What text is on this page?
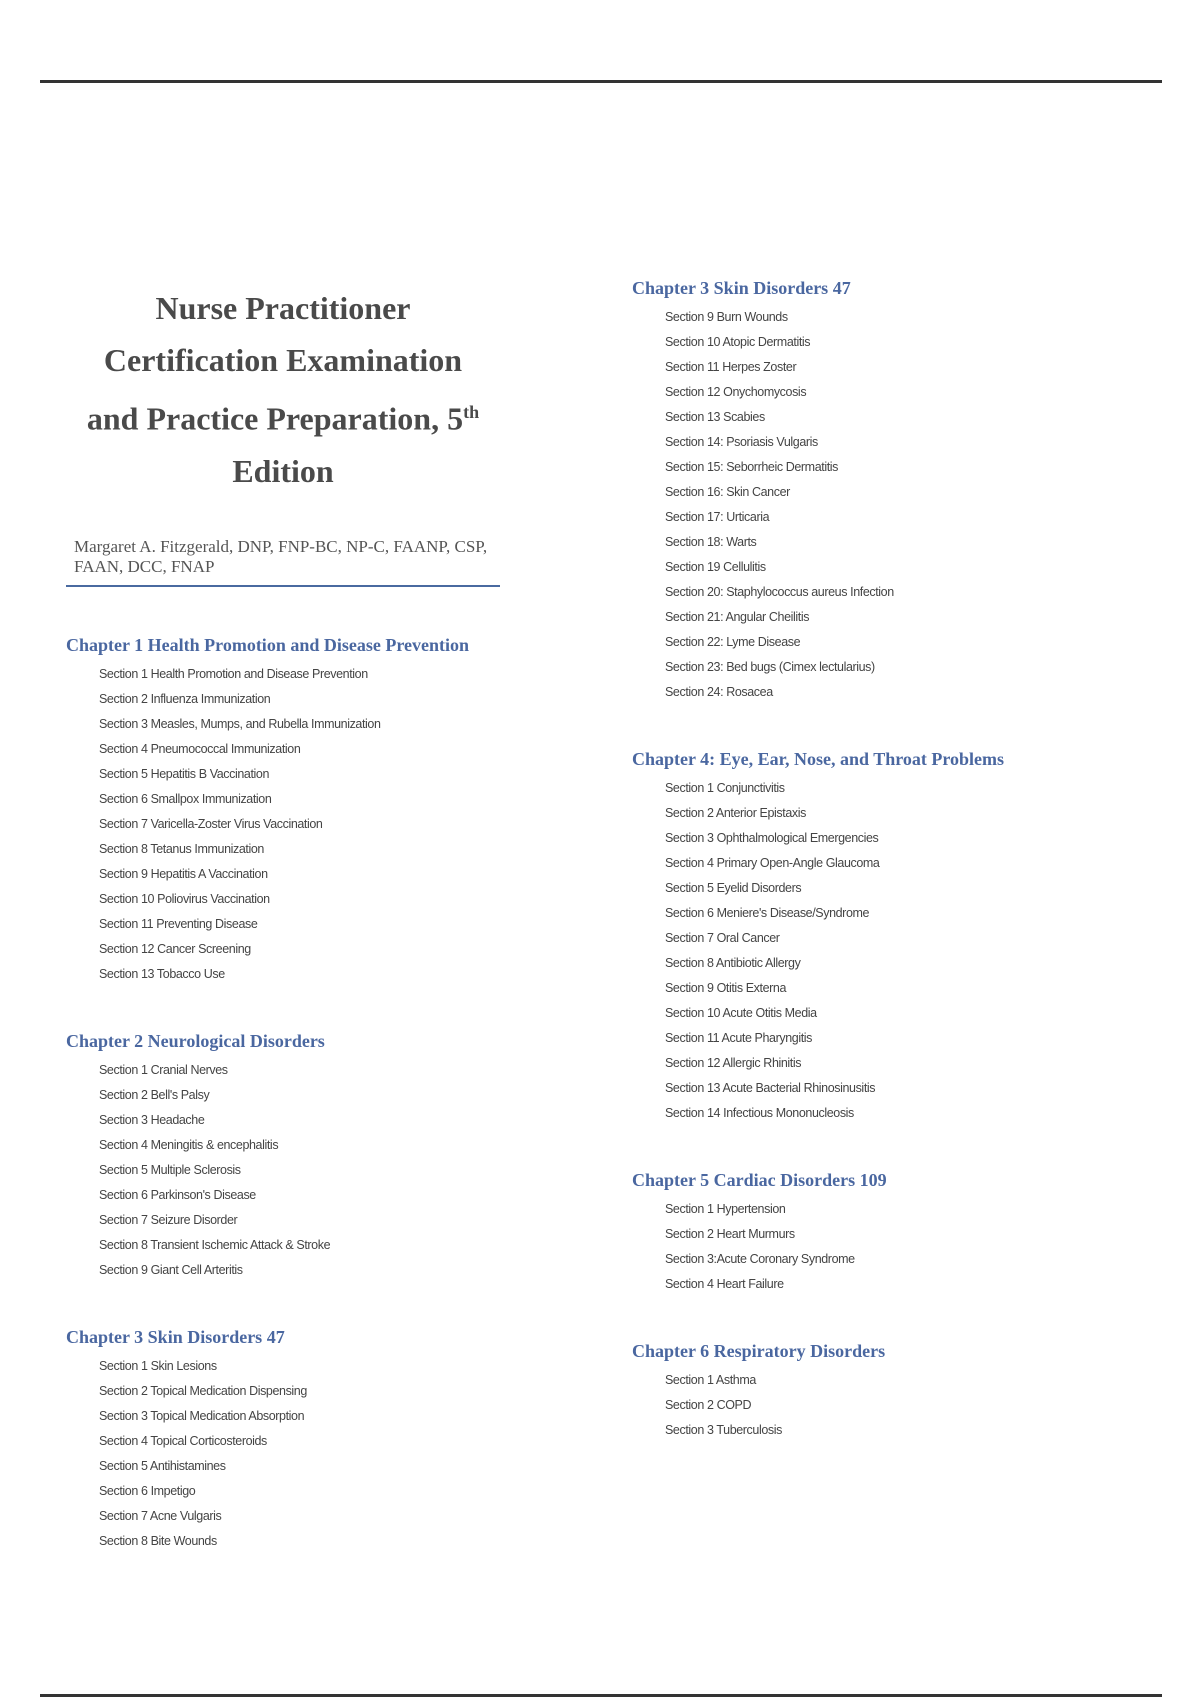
Nurse Practitioner Certification Examination
and Practice Preparation, 5th Edition
Margaret A. Fitzgerald, DNP, FNP-BC, NP-C, FAANP, CSP, FAAN, DCC, FNAP
Chapter 1 Health Promotion and Disease Prevention
Section 1 Health Promotion and Disease Prevention
Section 2 Influenza Immunization
Section 3 Measles, Mumps, and Rubella Immunization
Section 4 Pneumococcal Immunization
Section 5 Hepatitis B Vaccination
Section 6 Smallpox Immunization
Section 7 Varicella-Zoster Virus Vaccination
Section 8 Tetanus Immunization
Section 9 Hepatitis A Vaccination
Section 10 Poliovirus Vaccination
Section 11 Preventing Disease
Section 12 Cancer Screening
Section 13 Tobacco Use
Chapter 2 Neurological Disorders
Section 1 Cranial Nerves
Section 2 Bell's Palsy
Section 3 Headache
Section 4 Meningitis & encephalitis
Section 5 Multiple Sclerosis
Section 6 Parkinson's Disease
Section 7 Seizure Disorder
Section 8 Transient Ischemic Attack & Stroke
Section 9 Giant Cell Arteritis
Chapter 3 Skin Disorders 47
Section 1 Skin Lesions
Section 2 Topical Medication Dispensing
Section 3 Topical Medication Absorption
Section 4 Topical Corticosteroids
Section 5 Antihistamines
Section 6 Impetigo
Section 7 Acne Vulgaris
Section 8 Bite Wounds
Chapter 3 Skin Disorders 47
Section 9 Burn Wounds
Section 10 Atopic Dermatitis
Section 11 Herpes Zoster
Section 12 Onychomycosis
Section 13 Scabies
Section 14: Psoriasis Vulgaris
Section 15: Seborrheic Dermatitis
Section 16: Skin Cancer
Section 17: Urticaria
Section 18: Warts
Section 19 Cellulitis
Section 20: Staphylococcus aureus Infection
Section 21: Angular Cheilitis
Section 22: Lyme Disease
Section 23: Bed bugs (Cimex lectularius)
Section 24: Rosacea
Chapter 4: Eye, Ear, Nose, and Throat Problems
Section 1 Conjunctivitis
Section 2 Anterior Epistaxis
Section 3 Ophthalmological Emergencies
Section 4 Primary Open-Angle Glaucoma
Section 5 Eyelid Disorders
Section 6 Meniere's Disease/Syndrome
Section 7 Oral Cancer
Section 8 Antibiotic Allergy
Section 9 Otitis Externa
Section 10 Acute Otitis Media
Section 11 Acute Pharyngitis
Section 12 Allergic Rhinitis
Section 13 Acute Bacterial Rhinosinusitis
Section 14 Infectious Mononucleosis
Chapter 5 Cardiac Disorders 109
Section 1 Hypertension
Section 2 Heart Murmurs
Section 3:Acute Coronary Syndrome
Section 4 Heart Failure
Chapter 6 Respiratory Disorders
Section 1 Asthma
Section 2 COPD
Section 3 Tuberculosis
